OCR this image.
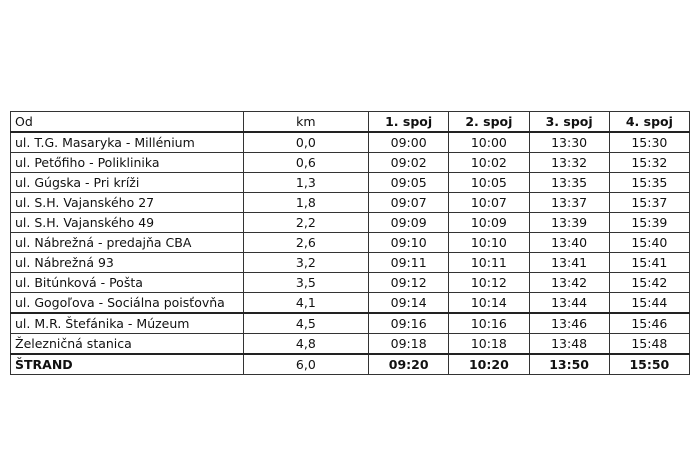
Od	km	1. spoj	2. spoj	3. spoj	4. spoj
ul. T.G. Masaryka - Millénium	0,0	09:00	10:00	13:30	15:30
ul. Petőfiho - Poliklinika	0,6	09:02	10:02	13:32	15:32
ul. Gúgska - Pri kríži	1,3	09:05	10:05	13:35	15:35
ul. S.H. Vajanského 27	1,8	09:07	10:07	13:37	15:37
ul. S.H. Vajanského 49	2,2	09:09	10:09	13:39	15:39
ul. Nábrežná - predajňa CBA	2,6	09:10	10:10	13:40	15:40
ul. Nábrežná 93	3,2	09:11	10:11	13:41	15:41
ul. Bitúnková - Pošta	3,5	09:12	10:12	13:42	15:42
ul. Gogoľova - Sociálna poisťovňa	4,1	09:14	10:14	13:44	15:44
ul. M.R. Štefánika - Múzeum	4,5	09:16	10:16	13:46	15:46
Železničná stanica	4,8	09:18	10:18	13:48	15:48
ŠTRAND	6,0	09:20	10:20	13:50	15:50
